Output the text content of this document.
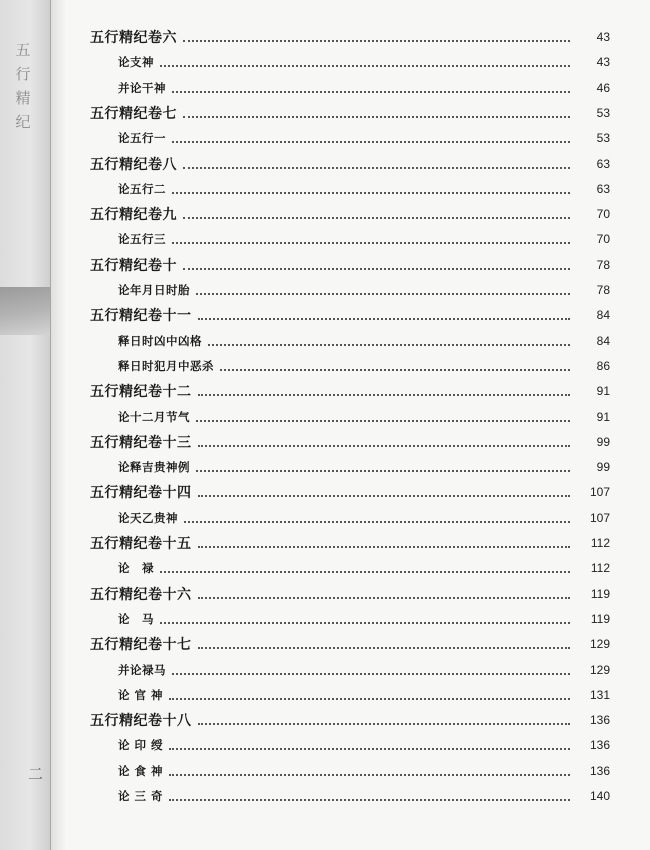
五
行
精
纪
二
五行精纪卷六	43
论支神	43
并论干神	46
五行精纪卷七	53
论五行一	53
五行精纪卷八	63
论五行二	63
五行精纪卷九	70
论五行三	70
五行精纪卷十	78
论年月日时胎	78
五行精纪卷十一	84
释日时凶中凶格	84
释日时犯月中恶杀	86
五行精纪卷十二	91
论十二月节气	91
五行精纪卷十三	99
论释吉贵神例	99
五行精纪卷十四	107
论天乙贵神	107
五行精纪卷十五	112
论　禄	112
五行精纪卷十六	119
论　马	119
五行精纪卷十七	129
并论禄马	129
论 官 神	131
五行精纪卷十八	136
论 印 绶	136
论 食 神	136
论 三 奇	140
